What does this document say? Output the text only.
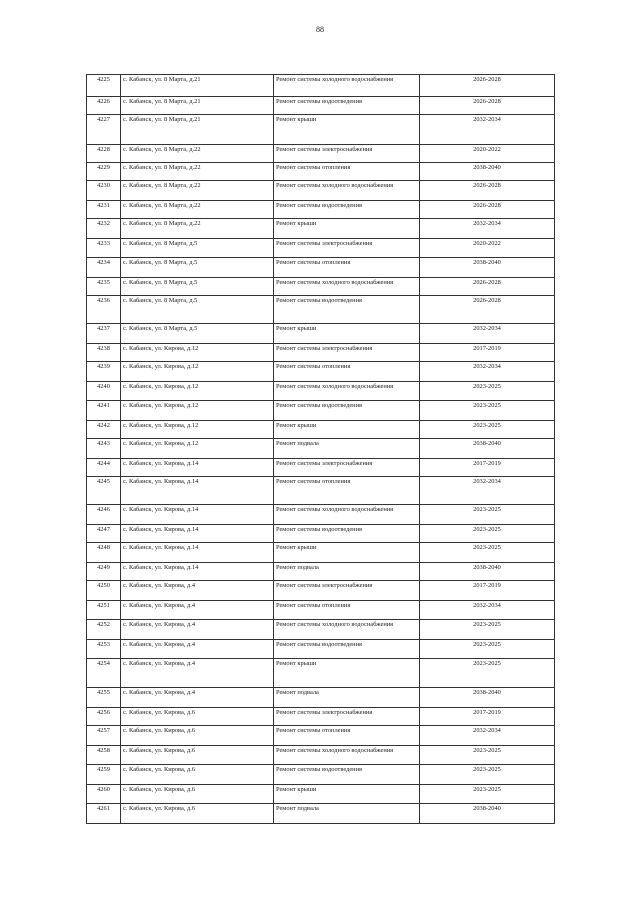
88
4225	с. Кабанск, ул. 8 Марта, д.21	Ремонт системы холодного водоснабжения	2026-2028
4226	с. Кабанск, ул. 8 Марта, д.21	Ремонт системы водоотведения	2026-2028
4227	с. Кабанск, ул. 8 Марта, д.21	Ремонт крыши	2032-2034
4228	с. Кабанск, ул. 8 Марта, д.22	Ремонт системы электроснабжения	2020-2022
4229	с. Кабанск, ул. 8 Марта, д.22	Ремонт системы отопления	2038-2040
4230	с. Кабанск, ул. 8 Марта, д.22	Ремонт системы холодного водоснабжения	2026-2028
4231	с. Кабанск, ул. 8 Марта, д.22	Ремонт системы водоотведения	2026-2028
4232	с. Кабанск, ул. 8 Марта, д.22	Ремонт крыши	2032-2034
4233	с. Кабанск, ул. 8 Марта, д.5	Ремонт системы электроснабжения	2020-2022
4234	с. Кабанск, ул. 8 Марта, д.5	Ремонт системы отопления	2038-2040
4235	с. Кабанск, ул. 8 Марта, д.5	Ремонт системы холодного водоснабжения	2026-2028
4236	с. Кабанск, ул. 8 Марта, д.5	Ремонт системы водоотведения	2026-2028
4237	с. Кабанск, ул. 8 Марта, д.5	Ремонт крыши	2032-2034
4238	с. Кабанск, ул. Кирова, д.12	Ремонт системы электроснабжения	2017-2019
4239	с. Кабанск, ул. Кирова, д.12	Ремонт системы отопления	2032-2034
4240	с. Кабанск, ул. Кирова, д.12	Ремонт системы холодного водоснабжения	2023-2025
4241	с. Кабанск, ул. Кирова, д.12	Ремонт системы водоотведения	2023-2025
4242	с. Кабанск, ул. Кирова, д.12	Ремонт крыши	2023-2025
4243	с. Кабанск, ул. Кирова, д.12	Ремонт подвала	2038-2040
4244	с. Кабанск, ул. Кирова, д.14	Ремонт системы электроснабжения	2017-2019
4245	с. Кабанск, ул. Кирова, д.14	Ремонт системы отопления	2032-2034
4246	с. Кабанск, ул. Кирова, д.14	Ремонт системы холодного водоснабжения	2023-2025
4247	с. Кабанск, ул. Кирова, д.14	Ремонт системы водоотведения	2023-2025
4248	с. Кабанск, ул. Кирова, д.14	Ремонт крыши	2023-2025
4249	с. Кабанск, ул. Кирова, д.14	Ремонт подвала	2038-2040
4250	с. Кабанск, ул. Кирова, д.4	Ремонт системы электроснабжения	2017-2019
4251	с. Кабанск, ул. Кирова, д.4	Ремонт системы отопления	2032-2034
4252	с. Кабанск, ул. Кирова, д.4	Ремонт системы холодного водоснабжения	2023-2025
4253	с. Кабанск, ул. Кирова, д.4	Ремонт системы водоотведения	2023-2025
4254	с. Кабанск, ул. Кирова, д.4	Ремонт крыши	2023-2025
4255	с. Кабанск, ул. Кирова, д.4	Ремонт подвала	2038-2040
4256	с. Кабанск, ул. Кирова, д.6	Ремонт системы электроснабжения	2017-2019
4257	с. Кабанск, ул. Кирова, д.6	Ремонт системы отопления	2032-2034
4258	с. Кабанск, ул. Кирова, д.6	Ремонт системы холодного водоснабжения	2023-2025
4259	с. Кабанск, ул. Кирова, д.6	Ремонт системы водоотведения	2023-2025
4260	с. Кабанск, ул. Кирова, д.6	Ремонт крыши	2023-2025
4261	с. Кабанск, ул. Кирова, д.6	Ремонт подвала	2038-2040
